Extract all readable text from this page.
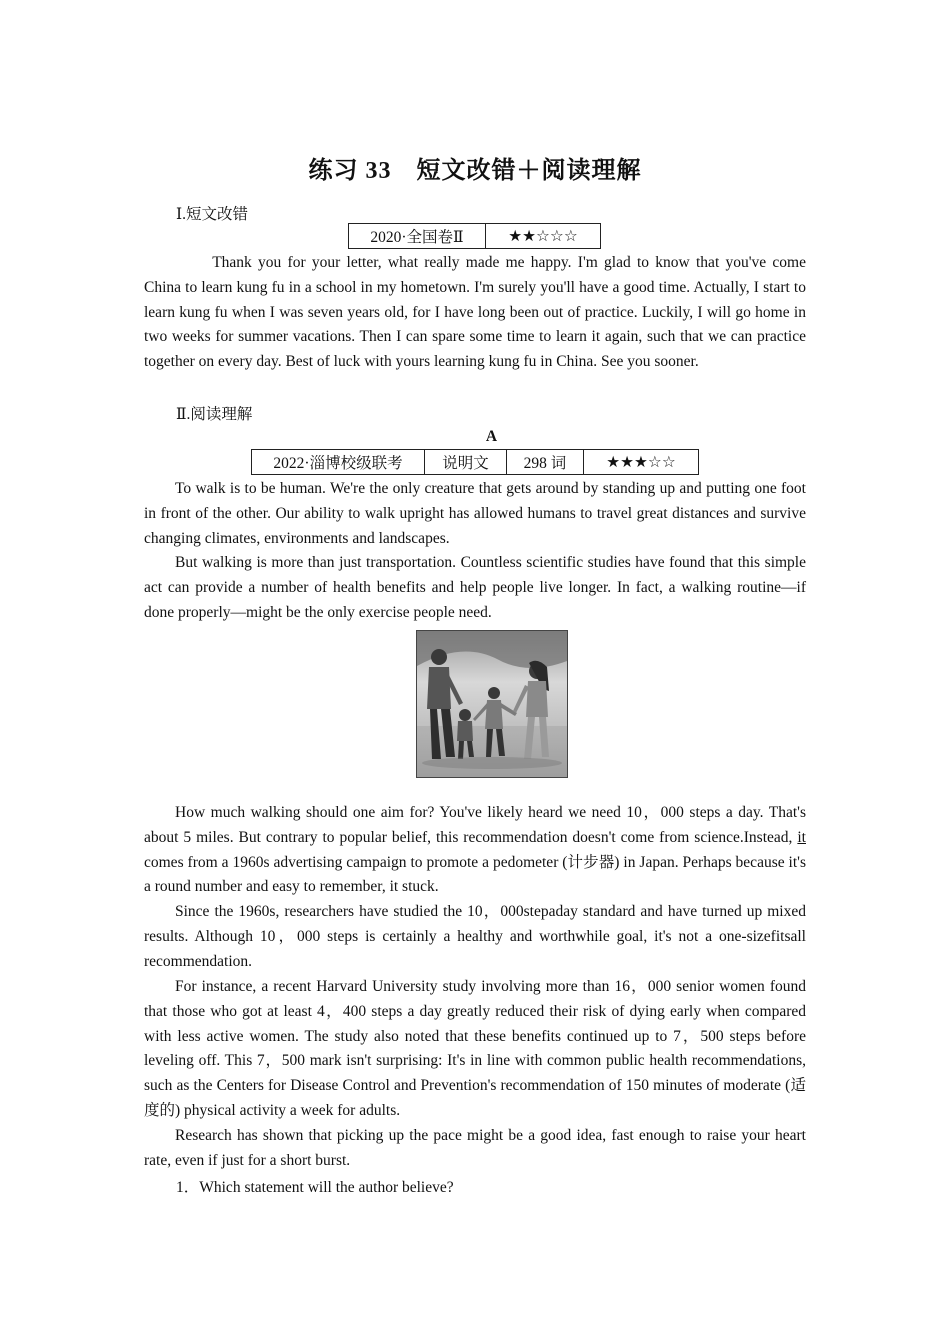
练习 33　短文改错＋阅读理解
Ⅰ.短文改错
2020·全国卷Ⅱ	★★☆☆☆

Thank you for your letter, what really made me happy. I'm glad to know that you've come China to learn kung fu in a school in my hometown. I'm surely you'll have a good time. Actually, I start to learn kung fu when I was seven years old, for I have long been out of practice. Luckily, I will go home in two weeks for summer vacations. Then I can spare some time to learn it again, such that we can practice together on every day. Best of luck with yours learning kung fu in China. See you sooner.

Ⅱ.阅读理解
A
2022·淄博校级联考	说明文	298 词	★★★☆☆

To walk is to be human. We're the only creature that gets around by standing up and putting one foot in front of the other. Our ability to walk upright has allowed humans to travel great distances and survive changing climates, environments and landscapes.

But walking is more than just transportation. Countless scientific studies have found that this simple act can provide a number of health benefits and help people live longer. In fact, a walking routine—if done properly—might be the only exercise people need.

How much walking should one aim for? You've likely heard we need 10，000 steps a day. That's about 5 miles. But contrary to popular belief, this recommendation doesn't come from science.Instead, it comes from a 1960s advertising campaign to promote a pedometer (计步器) in Japan. Perhaps because it's a round number and easy to remember, it stuck.

Since the 1960s, researchers have studied the 10，000stepaday standard and have turned up mixed results. Although 10，000 steps is certainly a healthy and worthwhile goal, it's not a one-sizefitsall recommendation.

For instance, a recent Harvard University study involving more than 16，000 senior women found that those who got at least 4，400 steps a day greatly reduced their risk of dying early when compared with less active women. The study also noted that these benefits continued up to 7，500 steps before leveling off. This 7，500 mark isn't surprising: It's in line with common public health recommendations, such as the Centers for Disease Control and Prevention's recommendation of 150 minutes of moderate (适度的) physical activity a week for adults.

Research has shown that picking up the pace might be a good idea, fast enough to raise your heart rate, even if just for a short burst.

1．Which statement will the author believe?
